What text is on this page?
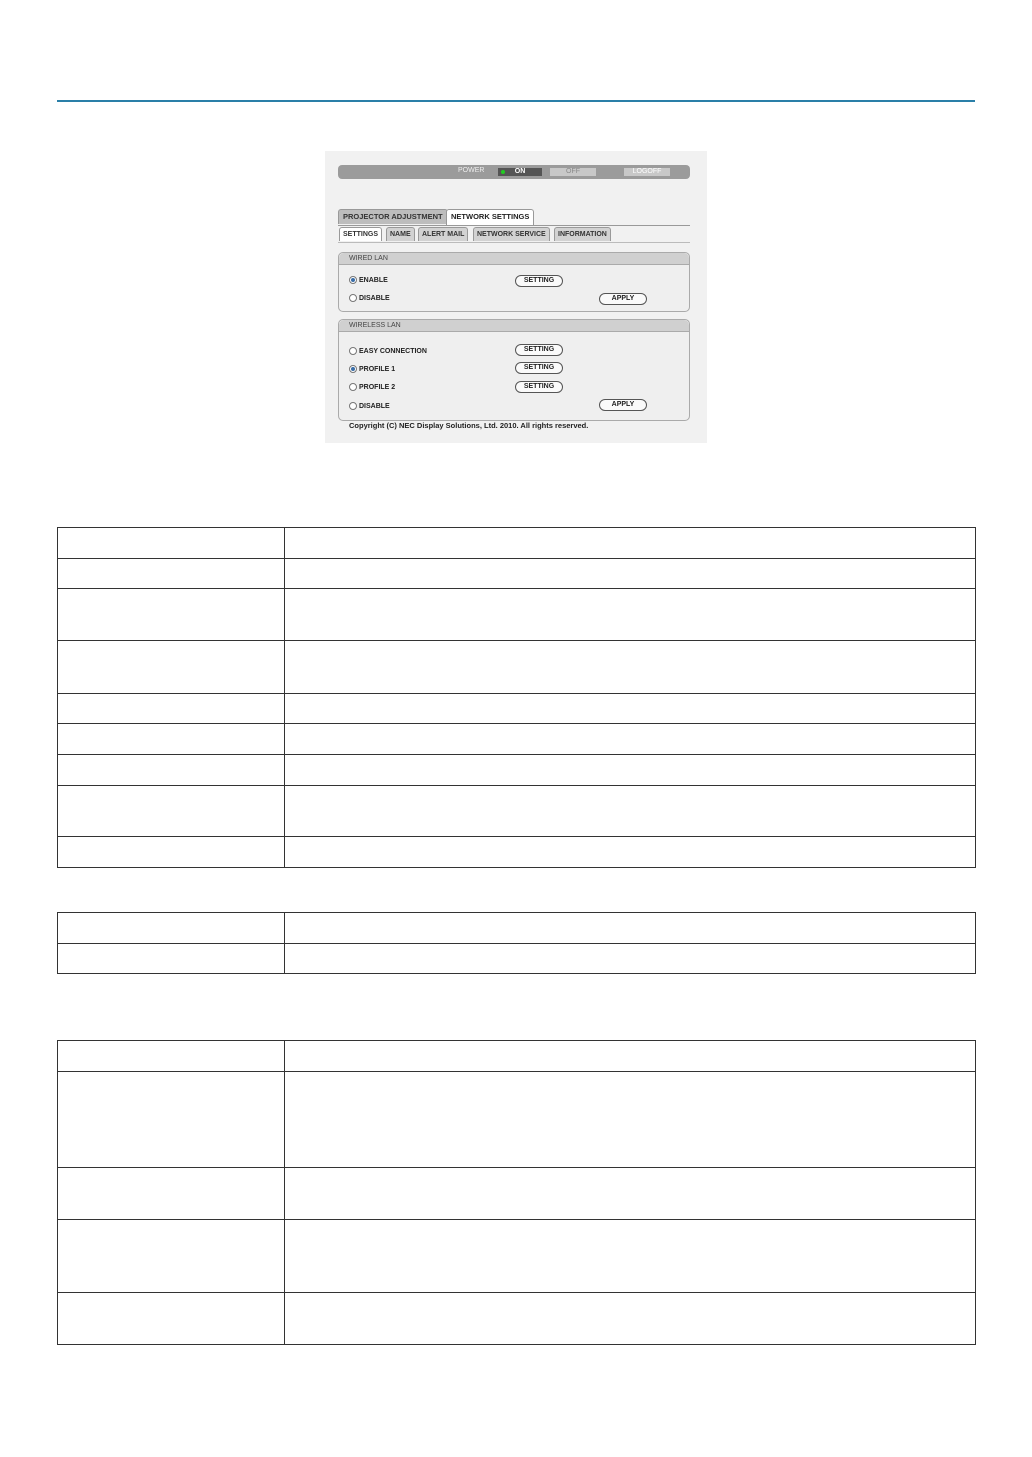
POWER	ON	OFF	LOGOFF
PROJECTOR ADJUSTMENT	NETWORK SETTINGS
SETTINGS	NAME	ALERT MAIL	NETWORK SERVICE	INFORMATION
WIRED LAN
ENABLE
DISABLE
SETTING
APPLY
WIRELESS LAN
EASY CONNECTION
PROFILE 1
PROFILE 2
DISABLE
SETTING
SETTING
SETTING
APPLY
Copyright (C) NEC Display Solutions, Ltd. 2010. All rights reserved.
